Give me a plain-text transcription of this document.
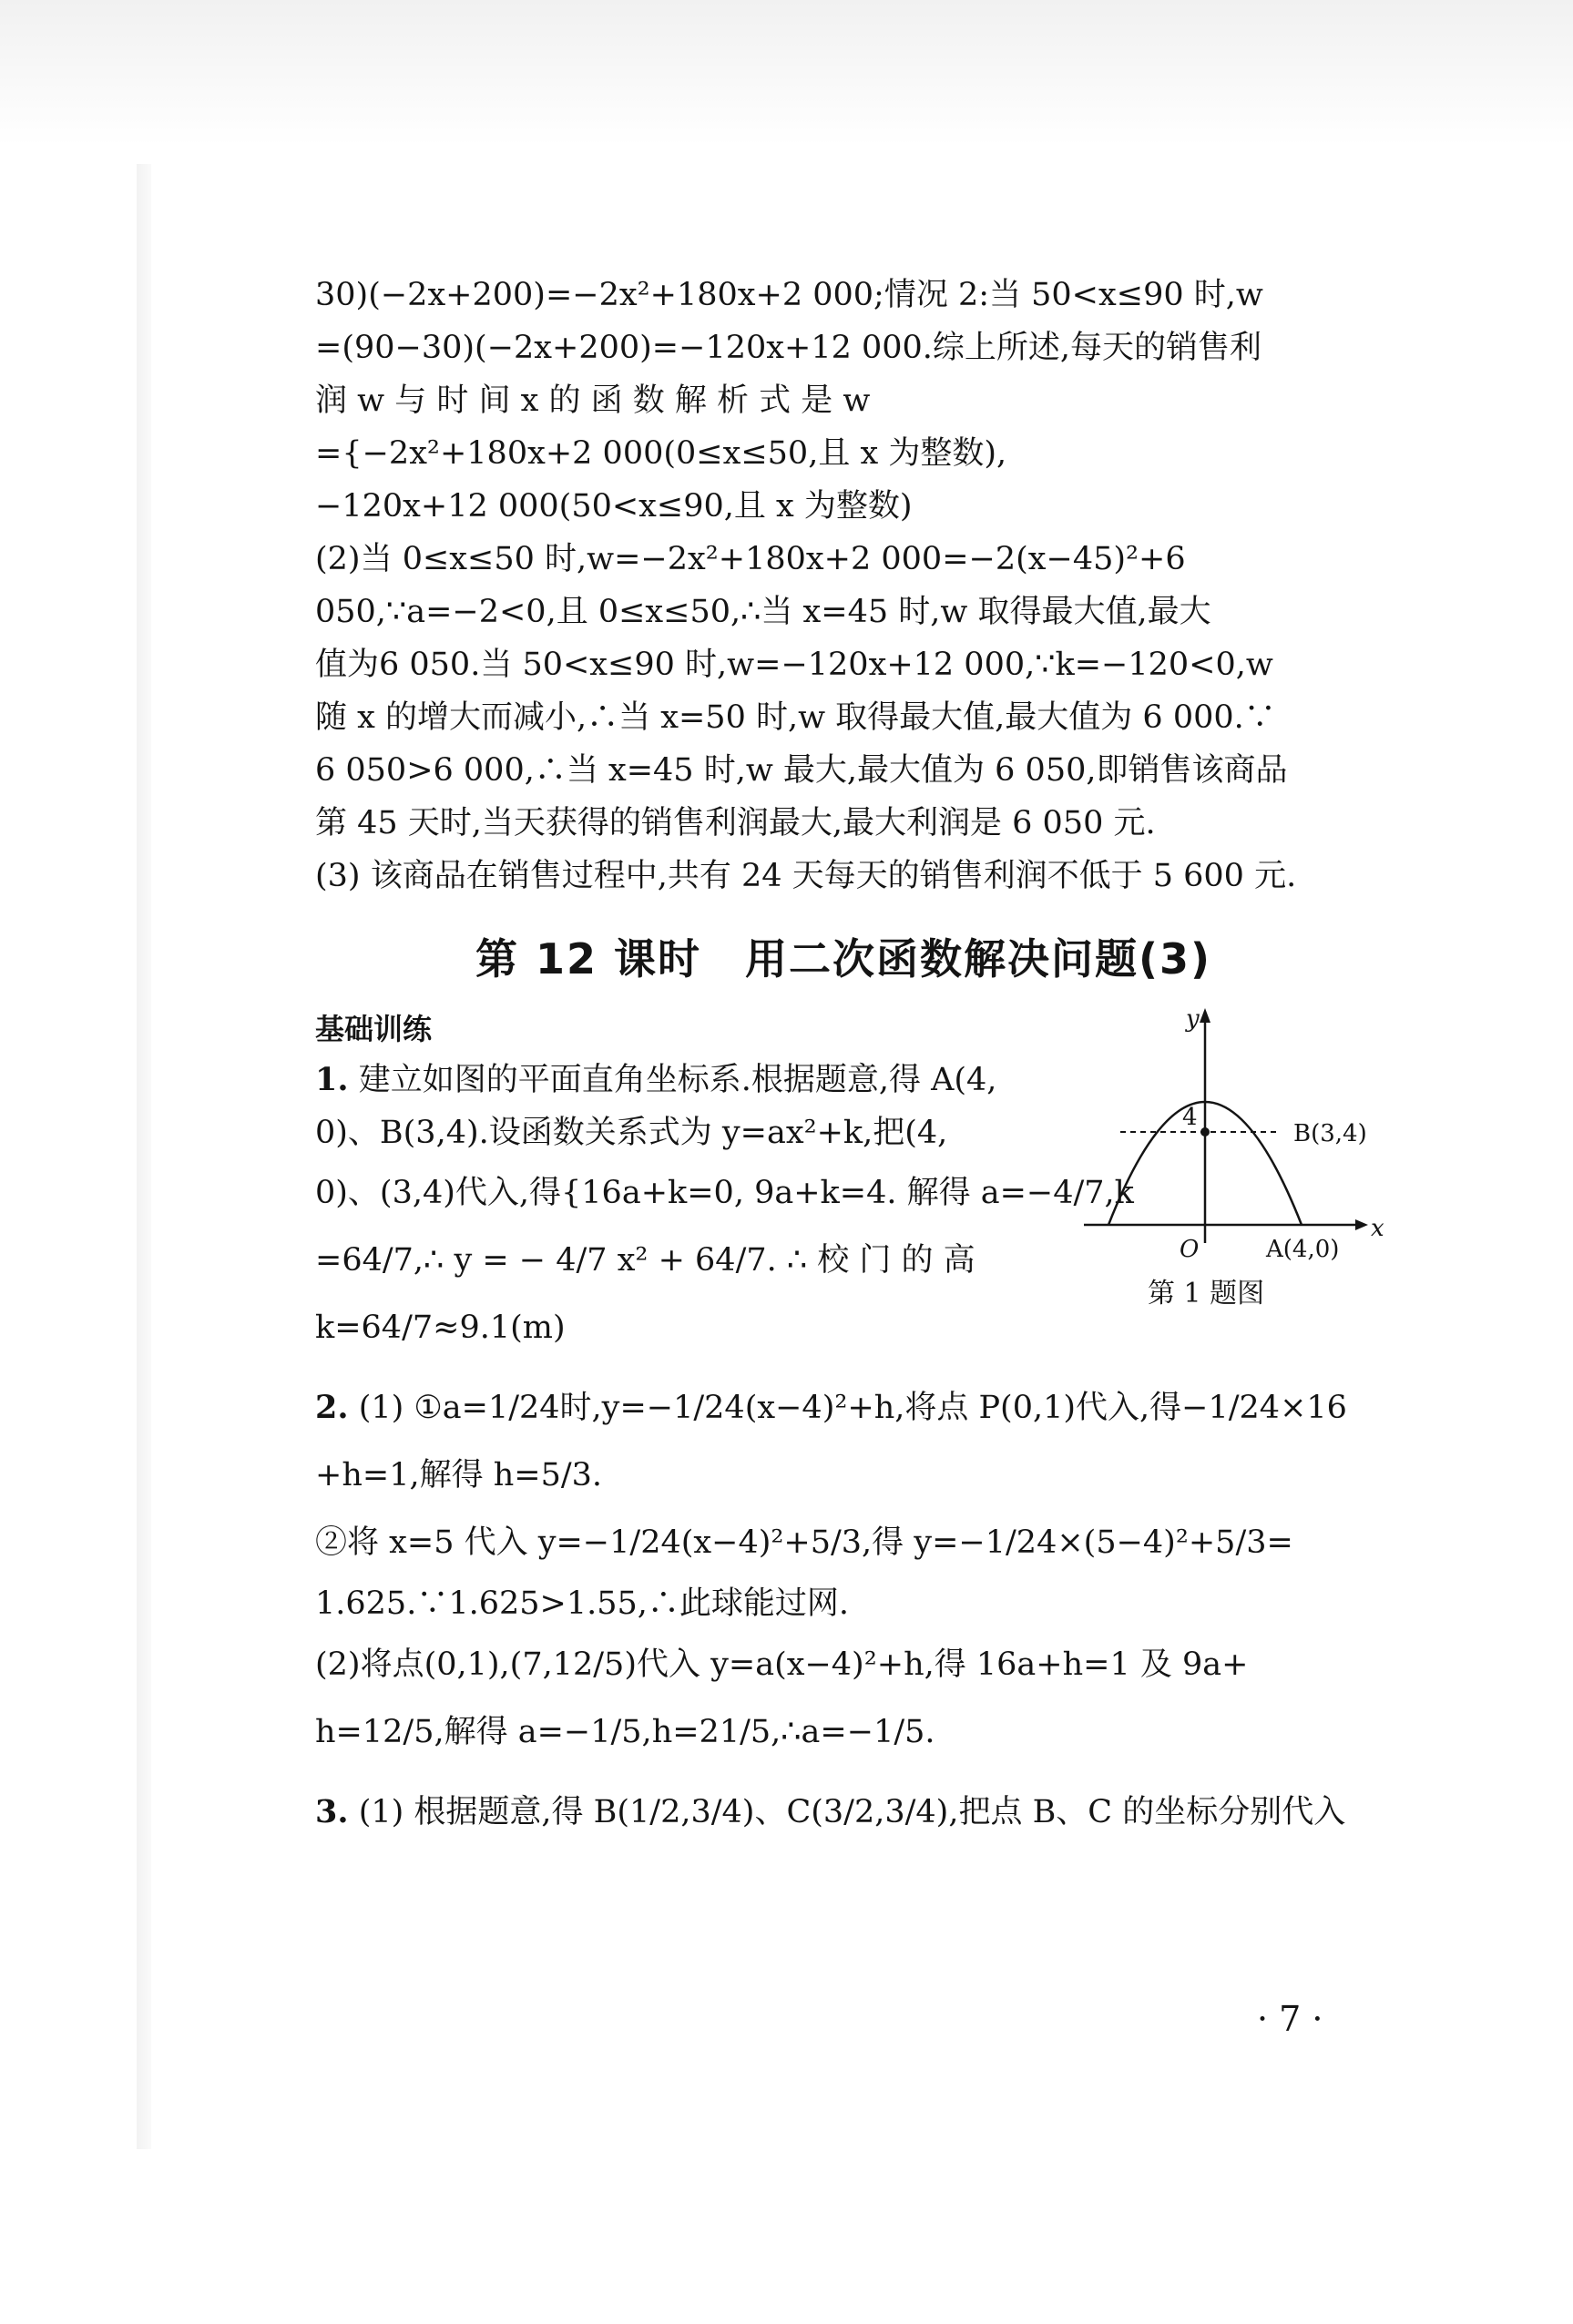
30)(−2x+200)=−2x²+180x+2 000;情况 2:当 50<x≤90 时,w
=(90−30)(−2x+200)=−120x+12 000.综上所述,每天的销售利
润 w 与 时 间 x 的 函 数 解 析 式 是 w
={−2x²+180x+2 000(0≤x≤50,且 x 为整数),
−120x+12 000(50<x≤90,且 x 为整数)
(2)当 0≤x≤50 时,w=−2x²+180x+2 000=−2(x−45)²+6
050,∵a=−2<0,且 0≤x≤50,∴当 x=45 时,w 取得最大值,最大
值为6 050.当 50<x≤90 时,w=−120x+12 000,∵k=−120<0,w
随 x 的增大而减小,∴当 x=50 时,w 取得最大值,最大值为 6 000.∵
6 050>6 000,∴当 x=45 时,w 最大,最大值为 6 050,即销售该商品
第 45 天时,当天获得的销售利润最大,最大利润是 6 050 元.
(3) 该商品在销售过程中,共有 24 天每天的销售利润不低于 5 600 元.
第 12 课时　用二次函数解决问题(3)
基础训练
1. 建立如图的平面直角坐标系.根据题意,得 A(4,
0)、B(3,4).设函数关系式为 y=ax²+k,把(4,
0)、(3,4)代入,得{16a+k=0, 9a+k=4. 解得 a=−4/7,k
=64/7,∴ y = − 4/7 x² + 64/7. ∴ 校 门 的 高
k=64/7≈9.1(m)
2. (1) ①a=1/24时,y=−1/24(x−4)²+h,将点 P(0,1)代入,得−1/24×16
+h=1,解得 h=5/3.
②将 x=5 代入 y=−1/24(x−4)²+5/3,得 y=−1/24×(5−4)²+5/3=
1.625.∵1.625>1.55,∴此球能过网.
(2)将点(0,1),(7,12/5)代入 y=a(x−4)²+h,得 16a+h=1 及 9a+
h=12/5,解得 a=−1/5,h=21/5,∴a=−1/5.
3. (1) 根据题意,得 B(1/2,3/4)、C(3/2,3/4),把点 B、C 的坐标分别代入
y
x
O
4
B(3,4)
A(4,0)
第 1 题图
· 7 ·
